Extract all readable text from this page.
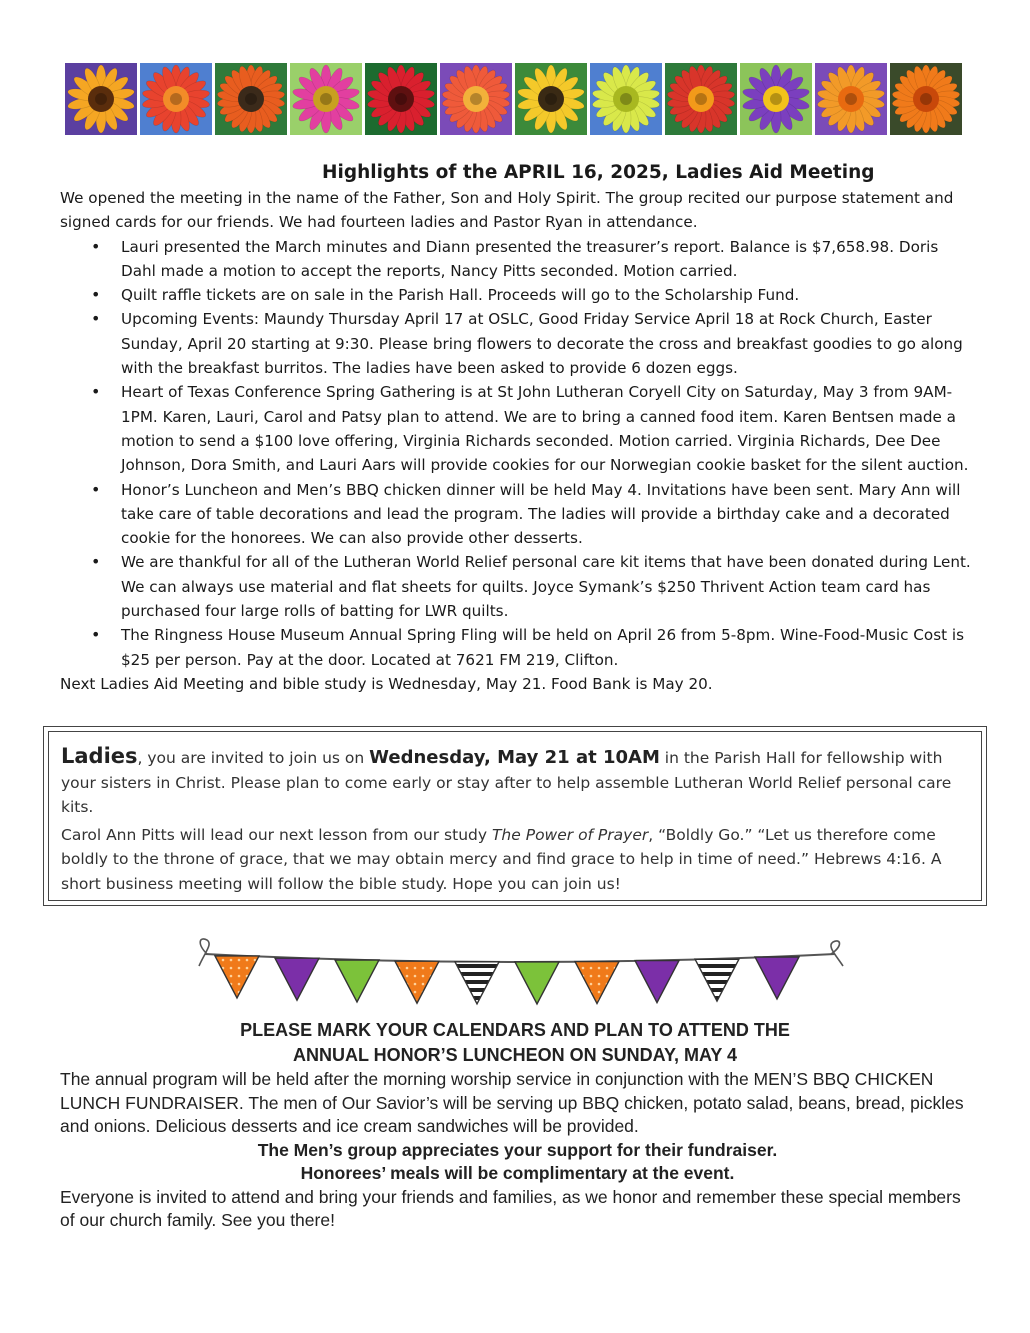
Highlights of the APRIL 16, 2025, Ladies Aid Meeting

We opened the meeting in the name of the Father, Son and Holy Spirit. The group recited our purpose statement and signed cards for our friends. We had fourteen ladies and Pastor Ryan in attendance.

• Lauri presented the March minutes and Diann presented the treasurer’s report. Balance is $7,658.98. Doris Dahl made a motion to accept the reports, Nancy Pitts seconded. Motion carried.
• Quilt raffle tickets are on sale in the Parish Hall. Proceeds will go to the Scholarship Fund.
• Upcoming Events: Maundy Thursday April 17 at OSLC, Good Friday Service April 18 at Rock Church, Easter Sunday, April 20 starting at 9:30. Please bring flowers to decorate the cross and breakfast goodies to go along with the breakfast burritos. The ladies have been asked to provide 6 dozen eggs.
• Heart of Texas Conference Spring Gathering is at St John Lutheran Coryell City on Saturday, May 3 from 9AM-1PM. Karen, Lauri, Carol and Patsy plan to attend. We are to bring a canned food item. Karen Bentsen made a motion to send a $100 love offering, Virginia Richards seconded. Motion carried. Virginia Richards, Dee Dee Johnson, Dora Smith, and Lauri Aars will provide cookies for our Norwegian cookie basket for the silent auction.
• Honor’s Luncheon and Men’s BBQ chicken dinner will be held May 4. Invitations have been sent. Mary Ann will take care of table decorations and lead the program. The ladies will provide a birthday cake and a decorated cookie for the honorees. We can also provide other desserts.
• We are thankful for all of the Lutheran World Relief personal care kit items that have been donated during Lent. We can always use material and flat sheets for quilts. Joyce Symank’s $250 Thrivent Action team card has purchased four large rolls of batting for LWR quilts.
• The Ringness House Museum Annual Spring Fling will be held on April 26 from 5-8pm. Wine-Food-Music Cost is $25 per person. Pay at the door. Located at 7621 FM 219, Clifton.

Next Ladies Aid Meeting and bible study is Wednesday, May 21. Food Bank is May 20.

Ladies, you are invited to join us on Wednesday, May 21 at 10AM in the Parish Hall for fellowship with your sisters in Christ. Please plan to come early or stay after to help assemble Lutheran World Relief personal care kits.

Carol Ann Pitts will lead our next lesson from our study The Power of Prayer, “Boldly Go.” “Let us therefore come boldly to the throne of grace, that we may obtain mercy and find grace to help in time of need.” Hebrews 4:16. A short business meeting will follow the bible study. Hope you can join us!

PLEASE MARK YOUR CALENDARS AND PLAN TO ATTEND THE
ANNUAL HONOR’S LUNCHEON ON SUNDAY, MAY 4

The annual program will be held after the morning worship service in conjunction with the MEN’S BBQ CHICKEN LUNCH FUNDRAISER. The men of Our Savior’s will be serving up BBQ chicken, potato salad, beans, bread, pickles and onions. Delicious desserts and ice cream sandwiches will be provided.

The Men’s group appreciates your support for their fundraiser.

Honorees’ meals will be complimentary at the event.

Everyone is invited to attend and bring your friends and families, as we honor and remember these special members of our church family. See you there!
